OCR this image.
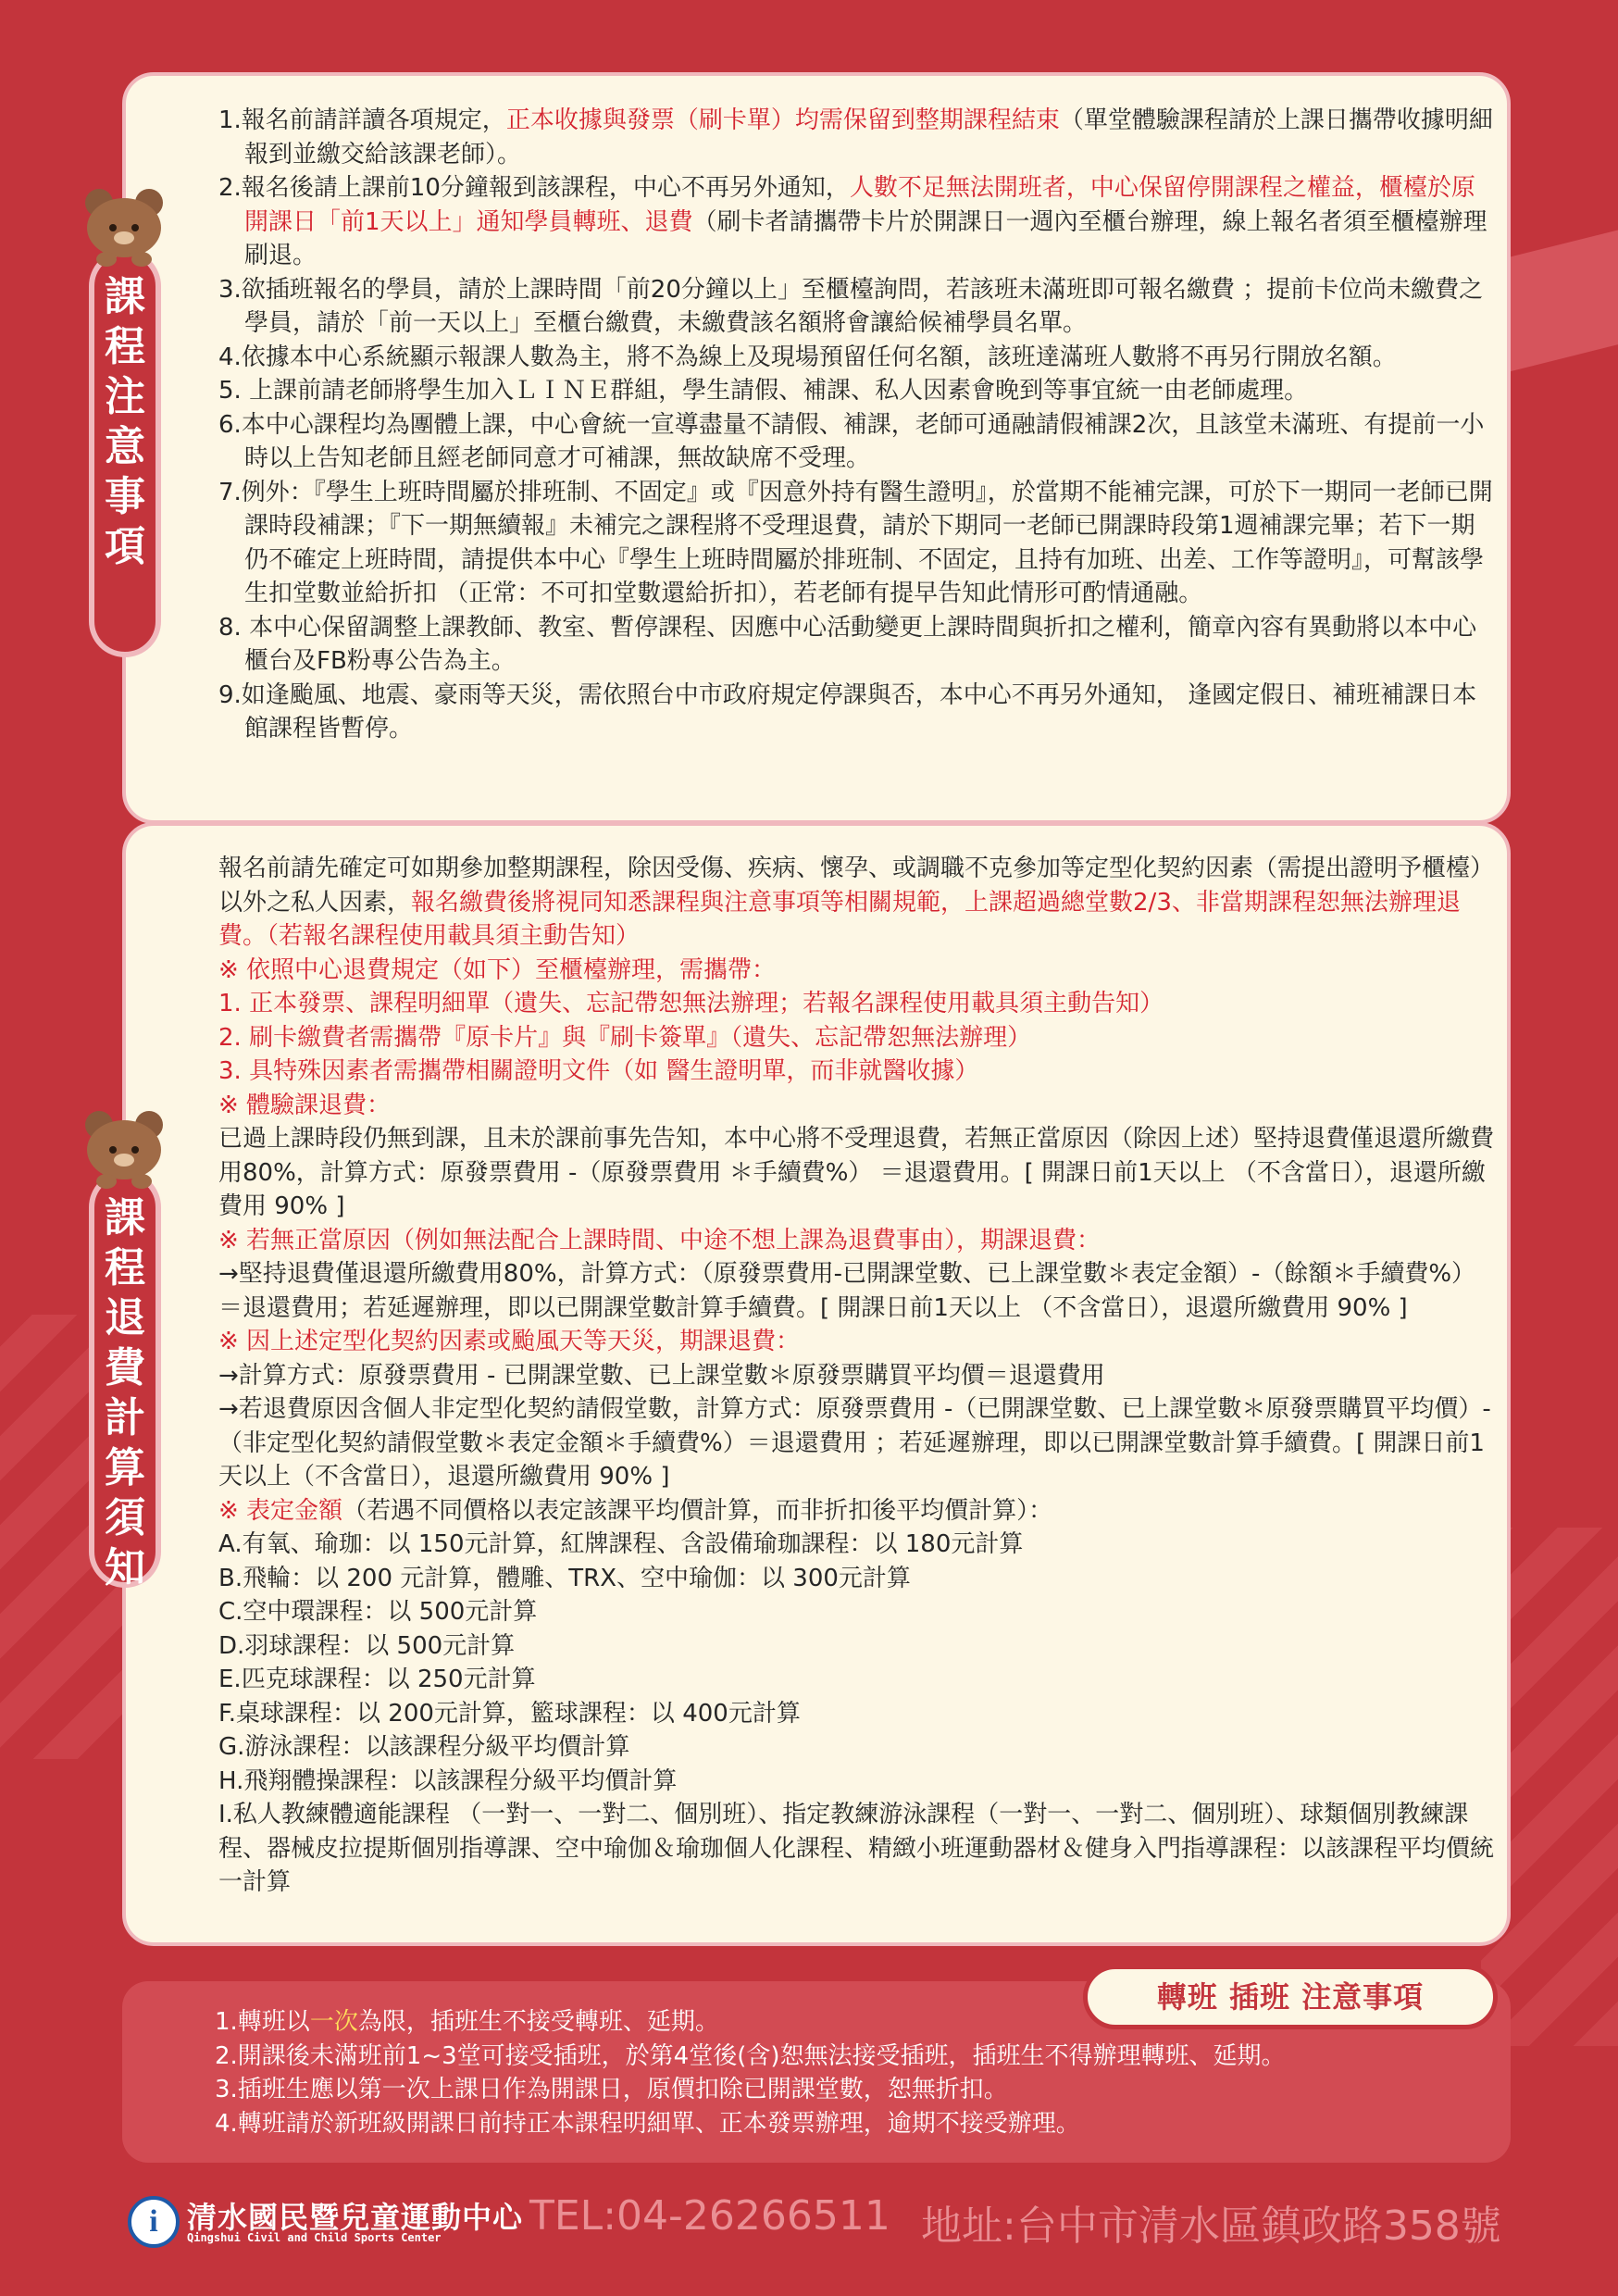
1.報名前請詳讀各項規定，正本收據與發票（刷卡單）均需保留到整期課程結束（單堂體驗課程請於上課日攜帶收據明細報到並繳交給該課老師）。
2.報名後請上課前10分鐘報到該課程，中心不再另外通知，人數不足無法開班者，中心保留停開課程之權益，櫃檯於原開課日「前1天以上」通知學員轉班、退費（刷卡者請攜帶卡片於開課日一週內至櫃台辦理，線上報名者須至櫃檯辦理刷退。
3.欲插班報名的學員，請於上課時間「前20分鐘以上」至櫃檯詢問，若該班未滿班即可報名繳費 ；提前卡位尚未繳費之學員，請於「前一天以上」至櫃台繳費，未繳費該名額將會讓給候補學員名單。
4.依據本中心系統顯示報課人數為主，將不為線上及現場預留任何名額，該班達滿班人數將不再另行開放名額。
5. 上課前請老師將學生加入ＬＩＮＥ群組，學生請假、補課、私人因素會晚到等事宜統一由老師處理。
6.本中心課程均為團體上課，中心會統一宣導盡量不請假、補課，老師可通融請假補課2次，且該堂未滿班、有提前一小時以上告知老師且經老師同意才可補課，無故缺席不受理。
7.例外：『學生上班時間屬於排班制、不固定』或『因意外持有醫生證明』，於當期不能補完課，可於下一期同一老師已開課時段補課；『下一期無續報』未補完之課程將不受理退費，請於下期同一老師已開課時段第1週補課完畢；若下一期仍不確定上班時間，請提供本中心『學生上班時間屬於排班制、不固定，且持有加班、出差、工作等證明』，可幫該學生扣堂數並給折扣 （正常：不可扣堂數還給折扣），若老師有提早告知此情形可酌情通融。
8. 本中心保留調整上課教師、教室、暫停課程、因應中心活動變更上課時間與折扣之權利，簡章內容有異動將以本中心櫃台及FB粉專公告為主。
9.如逢颱風、地震、豪雨等天災，需依照台中市政府規定停課與否，本中心不再另外通知， 逢國定假日、補班補課日本館課程皆暫停。
課
程
注
意
事
項
報名前請先確定可如期參加整期課程，除因受傷、疾病、懷孕、或調職不克參加等定型化契約因素（需提出證明予櫃檯）以外之私人因素，報名繳費後將視同知悉課程與注意事項等相關規範，上課超過總堂數2/3、非當期課程恕無法辦理退費。（若報名課程使用載具須主動告知）
※ 依照中心退費規定（如下）至櫃檯辦理，需攜帶：
1. 正本發票、課程明細單（遺失、忘記帶恕無法辦理；若報名課程使用載具須主動告知）
2. 刷卡繳費者需攜帶『原卡片』與『刷卡簽單』（遺失、忘記帶恕無法辦理）
3. 具特殊因素者需攜帶相關證明文件（如 醫生證明單，而非就醫收據）
※ 體驗課退費：
已過上課時段仍無到課，且未於課前事先告知，本中心將不受理退費，若無正當原因（除因上述）堅持退費僅退還所繳費用80%，計算方式：原發票費用 -（原發票費用 ＊手續費%） ＝退還費用。[ 開課日前1天以上 （不含當日），退還所繳費用 90% ]
※ 若無正當原因（例如無法配合上課時間、中途不想上課為退費事由），期課退費：
→堅持退費僅退還所繳費用80%，計算方式：（原發票費用-已開課堂數、已上課堂數＊表定金額）-（餘額＊手續費%）＝退還費用；若延遲辦理，即以已開課堂數計算手續費。[ 開課日前1天以上 （不含當日），退還所繳費用 90% ]
※ 因上述定型化契約因素或颱風天等天災，期課退費：
→計算方式：原發票費用 - 已開課堂數、已上課堂數＊原發票購買平均價＝退還費用
→若退費原因含個人非定型化契約請假堂數，計算方式：原發票費用 -（已開課堂數、已上課堂數＊原發票購買平均價）-（非定型化契約請假堂數＊表定金額＊手續費%）＝退還費用 ；若延遲辦理，即以已開課堂數計算手續費。[ 開課日前1天以上（不含當日），退還所繳費用 90% ]
※ 表定金額（若遇不同價格以表定該課平均價計算，而非折扣後平均價計算）：
A.有氧、瑜珈：以 150元計算，紅牌課程、含設備瑜珈課程：以 180元計算
B.飛輪：以 200 元計算，體雕、TRX、空中瑜伽：以 300元計算
C.空中環課程：以 500元計算
D.羽球課程：以 500元計算
E.匹克球課程：以 250元計算
F.桌球課程：以 200元計算，籃球課程：以 400元計算
G.游泳課程：以該課程分級平均價計算
H.飛翔體操課程：以該課程分級平均價計算
I.私人教練體適能課程 （一對一、一對二、個別班）、指定教練游泳課程（一對一、一對二、個別班）、球類個別教練課程、器械皮拉提斯個別指導課、空中瑜伽＆瑜珈個人化課程、精緻小班運動器材＆健身入門指導課程：以該課程平均價統一計算
課
程
退
費
計
算
須
知
1.轉班以一次為限，插班生不接受轉班、延期。
2.開課後未滿班前1~3堂可接受插班，於第4堂後(含)恕無法接受插班，插班生不得辦理轉班、延期。
3.插班生應以第一次上課日作為開課日，原價扣除已開課堂數，恕無折扣。
4.轉班請於新班級開課日前持正本課程明細單、正本發票辦理，逾期不接受辦理。
轉班 插班 注意事項
i 清水國民暨兒童運動中心
Qingshui Civil and Child Sports Center TEL:04-26266511 地址:台中市清水區鎮政路358號
